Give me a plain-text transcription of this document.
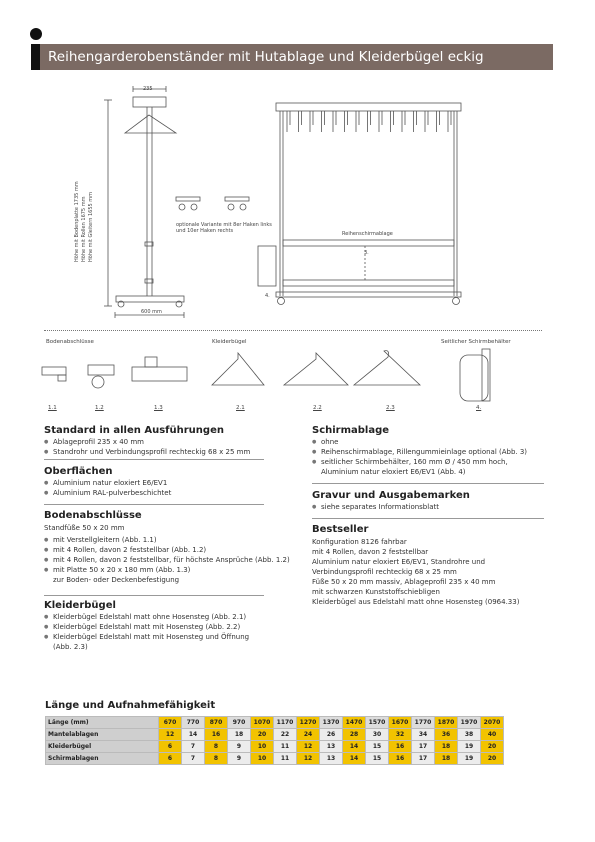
Reihengarderobenständer mit Hutablage und Kleiderbügel eckig
235
600 mm
Höhe mit Bodenplatte 1735 mm Höhe mit Rollen 1675 mm Höhe mit Gleitern 1655 mm	optionale Variante mit 8er Haken links und 10er Haken rechts	Reihenschirmablage
3.
4.
Bodenabschlüsse	Kleiderbügel	Seitlicher Schirmbehälter
1.1	1.2	1.3	2.1	2.2	2.3	4.
Standard in allen Ausführungen
● Ablageprofil 235 x 40 mm
● Standrohr und Verbindungsprofil rechteckig 68 x 25 mm
Oberflächen
● Aluminium natur eloxiert E6/EV1
● Aluminium RAL-pulverbeschichtet
Bodenabschlüsse
Standfüße 50 x 20 mm
● mit Verstellgleitern (Abb. 1.1)
● mit 4 Rollen, davon 2 feststellbar (Abb. 1.2)
● mit 4 Rollen, davon 2 feststellbar, für höchste Ansprüche (Abb. 1.2)
● mit Platte 50 x 20 x 180 mm (Abb. 1.3)
zur Boden- oder Deckenbefestigung
Kleiderbügel
● Kleiderbügel Edelstahl matt ohne Hosensteg (Abb. 2.1)
● Kleiderbügel Edelstahl matt mit Hosensteg (Abb. 2.2)
● Kleiderbügel Edelstahl matt mit Hosensteg und Öffnung
(Abb. 2.3)
Schirmablage
● ohne
● Reihenschirmablage, Rillengummieinlage optional (Abb. 3)
● seitlicher Schirmbehälter, 160 mm Ø / 450 mm hoch,
Aluminium natur eloxiert E6/EV1 (Abb. 4)
Gravur und Ausgabemarken
● siehe separates Informationsblatt
Bestseller
Konfiguration 8126 fahrbar
mit 4 Rollen, davon 2 feststellbar
Aluminium natur eloxiert E6/EV1, Standrohre und
Verbindungsprofil rechteckig 68 x 25 mm
Füße 50 x 20 mm massiv, Ablageprofil 235 x 40 mm
mit schwarzen Kunststoffschiebligen
Kleiderbügel aus Edelstahl matt ohne Hosensteg (0964.33)
Länge und Aufnahmefähigkeit
Länge (mm)	670	770	870	970	1070	1170	1270	1370	1470	1570	1670	1770	1870	1970	2070
Mantelablagen	12	14	16	18	20	22	24	26	28	30	32	34	36	38	40
Kleiderbügel	6	7	8	9	10	11	12	13	14	15	16	17	18	19	20
Schirmablagen	6	7	8	9	10	11	12	13	14	15	16	17	18	19	20
